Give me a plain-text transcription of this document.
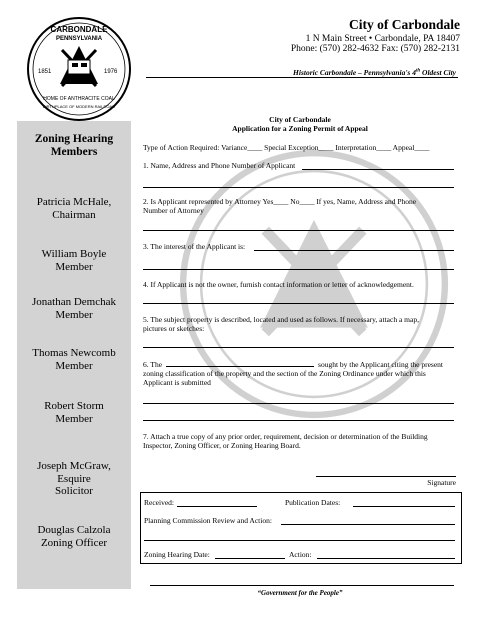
CARBONDALE
PENNSYLVANIA
1851	1976
HOME OF ANTHRACITE COAL
BIRTHPLACE OF MODERN RAILROAD
City of Carbondale
1 N Main Street • Carbondale, PA 18407
Phone: (570) 282-4632 Fax: (570) 282-2131
Historic Carbondale – Pennsylvania's 4th Oldest City
Zoning Hearing
Members
Patricia McHale,
Chairman
William Boyle
Member
Jonathan Demchak
Member
Thomas Newcomb
Member
Robert Storm
Member
Joseph McGraw,
Esquire
Solicitor
Douglas Calzola
Zoning Officer
City of Carbondale
Application for a Zoning Permit of Appeal
Type of Action Required: Variance____ Special Exception____ Interpretation____ Appeal____
1. Name, Address and Phone Number of Applicant
2. Is Applicant represented by Attorney Yes____ No____ If yes, Name, Address and Phone
Number of Attorney
3. The interest of the Applicant is:
4. If Applicant is not the owner, furnish contact information or letter of acknowledgement.
5. The subject property is described, located and used as follows. If necessary, attach a map,
pictures or sketches:
6. The	sought by the Applicant citing the present
zoning classification of the property and the section of the Zoning Ordinance under which this
Applicant is submitted
7. Attach a true copy of any prior order, requirement, decision or determination of the Building
Inspector, Zoning Officer, or Zoning Hearing Board.
Signature
Received:	Publication Dates:
Planning Commission Review and Action:
Zoning Hearing Date:	Action:
“Government for the People”
